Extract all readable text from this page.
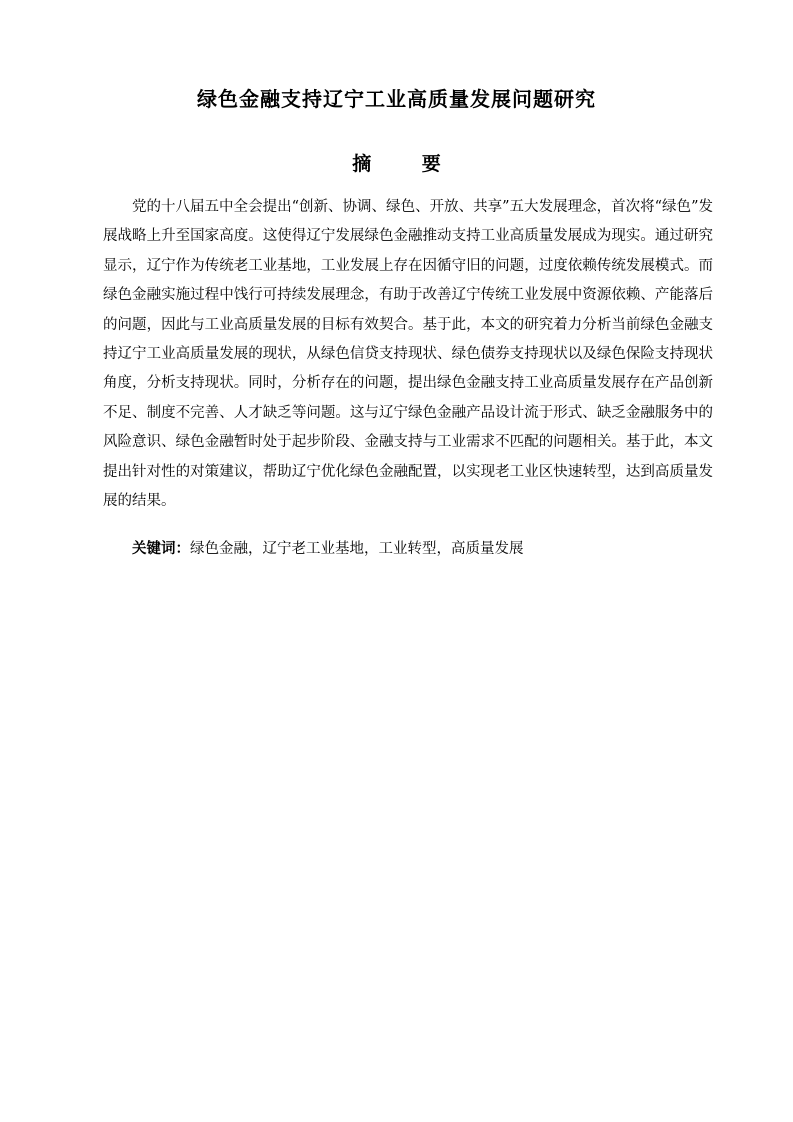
绿色金融支持辽宁工业高质量发展问题研究
摘 要

党的十八届五中全会提出“创新、协调、绿色、开放、共享”五大发展理念，首次将“绿色”发展战略上升至国家高度。这使得辽宁发展绿色金融推动支持工业高质量发展成为现实。通过研究显示，辽宁作为传统老工业基地，工业发展上存在因循守旧的问题，过度依赖传统发展模式。而绿色金融实施过程中饯行可持续发展理念，有助于改善辽宁传统工业发展中资源依赖、产能落后的问题，因此与工业高质量发展的目标有效契合。基于此，本文的研究着力分析当前绿色金融支持辽宁工业高质量发展的现状，从绿色信贷支持现状、绿色债券支持现状以及绿色保险支持现状角度，分析支持现状。同时，分析存在的问题，提出绿色金融支持工业高质量发展存在产品创新不足、制度不完善、人才缺乏等问题。这与辽宁绿色金融产品设计流于形式、缺乏金融服务中的风险意识、绿色金融暂时处于起步阶段、金融支持与工业需求不匹配的问题相关。基于此，本文提出针对性的对策建议，帮助辽宁优化绿色金融配置，以实现老工业区快速转型，达到高质量发展的结果。

关键词：绿色金融，辽宁老工业基地，工业转型，高质量发展
